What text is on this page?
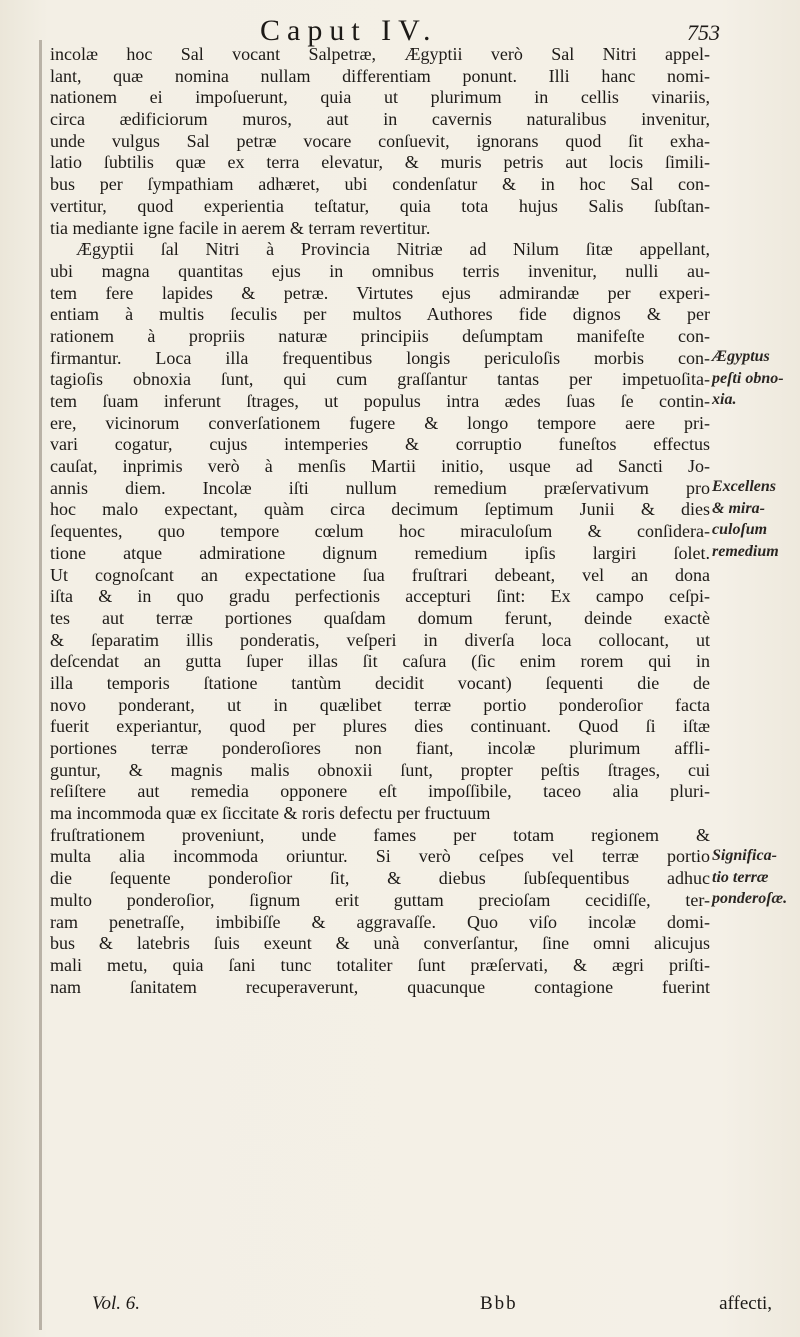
Caput IV.	753
incolæ hoc Sal vocant Salpetræ, Ægyptii verò Sal Nitri appel-
lant, quæ nomina nullam differentiam ponunt. Illi hanc nomi-
nationem ei impoſuerunt, quia ut plurimum in cellis vinariis,
circa ædificiorum muros, aut in cavernis naturalibus invenitur,
unde vulgus Sal petræ vocare conſuevit, ignorans quod ſit exha-
latio ſubtilis quæ ex terra elevatur, & muris petris aut locis ſimili-
bus per ſympathiam adhæret, ubi condenſatur & in hoc Sal con-
vertitur, quod experientia teſtatur, quia tota hujus Salis ſubſtan-
tia mediante igne facile in aerem & terram revertitur.
Ægyptii ſal Nitri à Provincia Nitriæ ad Nilum ſitæ appellant,
ubi magna quantitas ejus in omnibus terris invenitur, nulli au-
tem fere lapides & petræ. Virtutes ejus admirandæ per experi-
entiam à multis ſeculis per multos Authores fide dignos & per
rationem à propriis naturæ principiis deſumptam manifeſte con-
firmantur. Loca illa frequentibus longis periculoſis morbis con-
tagioſis obnoxia ſunt, qui cum graſſantur tantas per impetuoſita-
tem ſuam inferunt ſtrages, ut populus intra ædes ſuas ſe contin-
ere, vicinorum converſationem fugere & longo tempore aere pri-
vari cogatur, cujus intemperies & corruptio funeſtos effectus
cauſat, inprimis verò à menſis Martii initio, usque ad Sancti Jo-
annis diem. Incolæ iſti nullum remedium præſervativum pro
hoc malo expectant, quàm circa decimum ſeptimum Junii & dies
ſequentes, quo tempore cœlum hoc miraculoſum & conſidera-
tione atque admiratione dignum remedium ipſis largiri ſolet.
Ut cognoſcant an expectatione ſua fruſtrari debeant, vel an dona
iſta & in quo gradu perfectionis accepturi ſint: Ex campo ceſpi-
tes aut terræ portiones quaſdam domum ferunt, deinde exactè
& ſeparatim illis ponderatis, veſperi in diverſa loca collocant, ut
deſcendat an gutta ſuper illas ſit caſura (ſic enim rorem qui in
illa temporis ſtatione tantùm decidit vocant) ſequenti die de
novo ponderant, ut in quælibet terræ portio ponderoſior facta
fuerit experiantur, quod per plures dies continuant. Quod ſi iſtæ
portiones terræ ponderoſiores non fiant, incolæ plurimum affli-
guntur, & magnis malis obnoxii ſunt, propter peſtis ſtrages, cui
reſiſtere aut remedia opponere eſt impoſſibile, taceo alia pluri-
ma incommoda quæ ex ſiccitate & roris defectu per fructuum
fruſtrationem proveniunt, unde fames per totam regionem &
multa alia incommoda oriuntur. Si verò ceſpes vel terræ portio
die ſequente ponderoſior ſit, & diebus ſubſequentibus adhuc
multo ponderoſior, ſignum erit guttam precioſam cecidiſſe, ter-
ram penetraſſe, imbibiſſe & aggravaſſe. Quo viſo incolæ domi-
bus & latebris ſuis exeunt & unà converſantur, ſine omni alicujus
mali metu, quia ſani tunc totaliter ſunt præſervati, & ægri priſti-
nam ſanitatem recuperaverunt, quacunque contagione fuerint
Ægyptus
peſti obno-
xia.
Excellens
& mira-
culoſum
remedium
Significa-
tio terræ
ponderoſæ.
Vol. 6.	Bbb	affecti,
